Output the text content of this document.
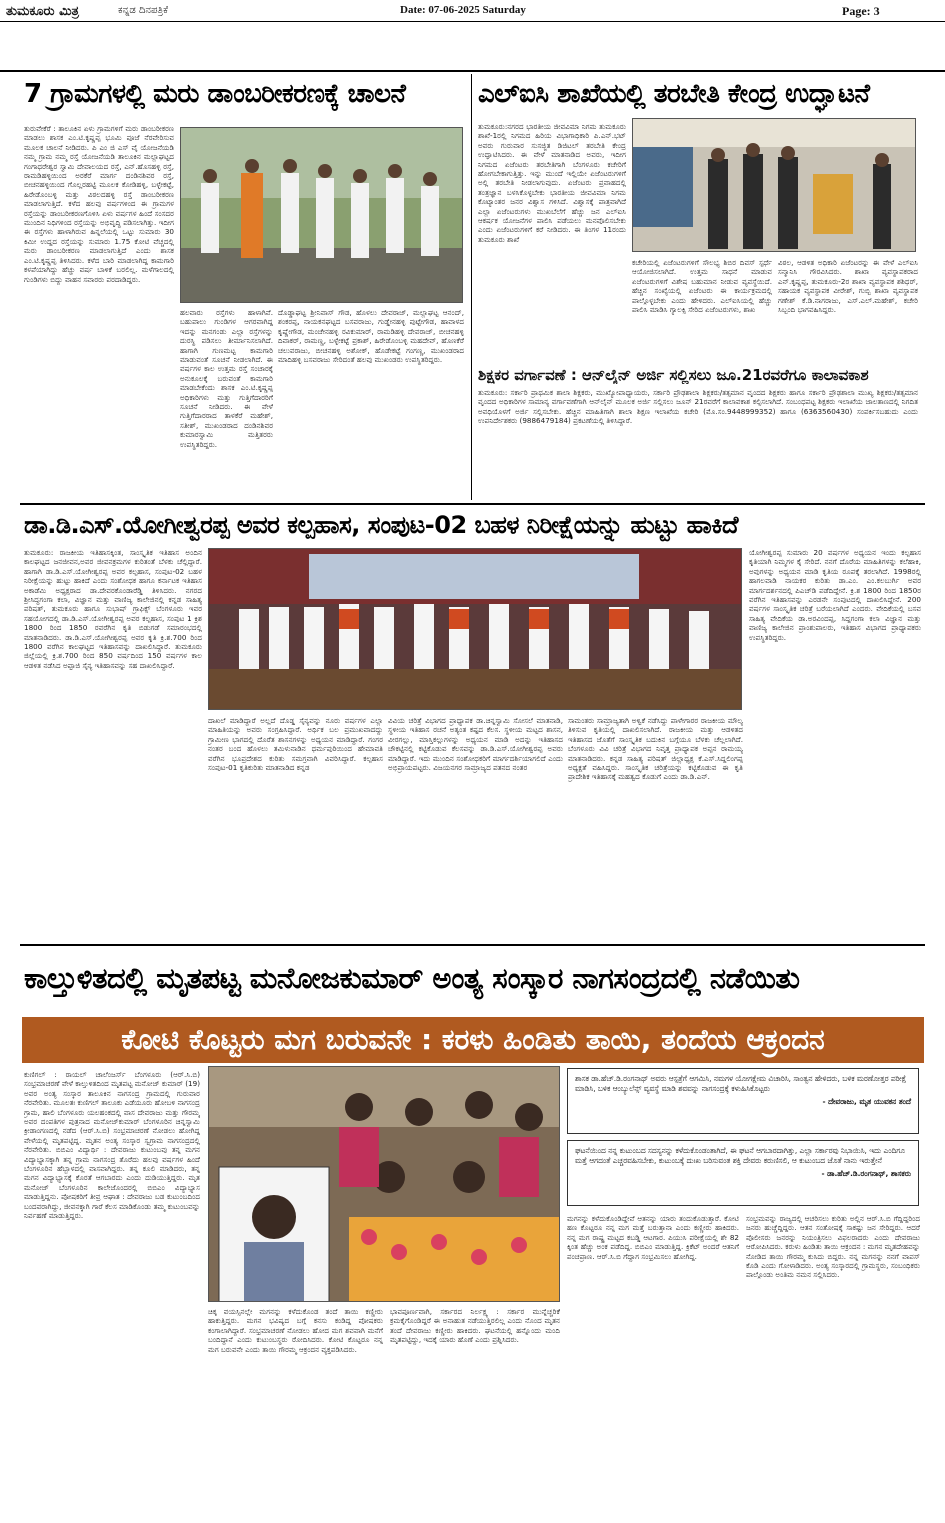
ತುಮಕೂರು ಮಿತ್ರ	ಕನ್ನಡ ದಿನಪತ್ರಿಕೆ	Date: 07-06-2025 Saturday	Page: 3
7 ಗ್ರಾಮಗಳಲ್ಲಿ ಮರು ಡಾಂಬರೀಕರಣಕ್ಕೆ ಚಾಲನೆ
ತುರುವೇಕೆರೆ : ತಾಲೂಕಿನ ಏಳು ಗ್ರಾಮಗಳಿಗೆ ಮರು ಡಾಂಬರೀಕರಣ ಮಾಡಲು ಶಾಸಕ ಎಂ.ಟಿ.ಕೃಷ್ಣಪ್ಪ ಭೂಮಿ ಪೂಜೆ ನೆರವೇರಿಸುವ ಮೂಲಕ ಚಾಲನೆ ನೀಡಿದರು. ಪಿ ಎಂ ಜಿ ಎಸ್ ವೈ ಯೋಜನೆಯಡಿ ನಮ್ಮ ಗ್ರಾಮ ನಮ್ಮ ರಸ್ತೆ ಯೋಜನೆಯಡಿ ತಾಲೂಕಿನ ಮಲ್ಲಾಘಟ್ಟದ ಗಂಗಾಧರೇಶ್ವರ ಸ್ವಾಮಿ ದೇವಾಲಯದ ರಸ್ತೆ, ಎನ್.ಹೊಸಹಳ್ಳಿ ರಸ್ತೆ, ರಾಮಡಿಹಳ್ಳಿಯಿಂದ ಅರಕೆರೆ ಮಾರ್ಗ ದಂಡಿನಶಿವರ ರಸ್ತೆ, ಬೀಚನಹಳ್ಳಿಯಿಂದ ಗೊಲ್ಲರಹಟ್ಟಿ ಮೂಲಕ ಕೋಡಿಹಳ್ಳಿ, ಬಳ್ಳೇಕಟ್ಟೆ, ಹಿರೇಡೊಂಬಳ್ಳಿ ಮತ್ತು ವಿಠಲದಹಳ್ಳಿ ರಸ್ತೆ ಡಾಂಬರೀಕರಣ ಮಾಡಲಾಗುತ್ತಿದೆ. ಕಳೆದ ಹಲವು ವರ್ಷಗಳಿಂದ ಈ ಗ್ರಾಮಗಳ ರಸ್ತೆಯನ್ನು ಡಾಂಬರೀಕರಣಗೊಳಿಸಿ ಏಳು ವರ್ಷಗಳ ಹಿಂದೆ ಸಂಸದರ ಮುಂದಿನ ನಿಧಿಗಳಿಂದ ರಸ್ತೆಯನ್ನು ಅಭಿವೃದ್ಧಿ ಪಡಿಸಲಾಗಿತ್ತು. ಇದೀಗ ಈ ರಸ್ತೆಗಳು ಹಾಳಾಗಿರುವ ಹಿನ್ನಲೆಯಲ್ಲಿ ಒಟ್ಟು ಸುಮಾರು 30 ಕಿಮೀ ಉದ್ದದ ರಸ್ತೆಯನ್ನು ಸುಮಾರು 1.75 ಕೋಟಿ ವೆಚ್ಚದಲ್ಲಿ ಮರು ಡಾಂಬರೀಕರಣ ಮಾಡಲಾಗುತ್ತಿದೆ ಎಂದು ಶಾಸಕ ಎಂ.ಟಿ.ಕೃಷ್ಣಪ್ಪ ತಿಳಿಸಿದರು. ಕಳೆದ ಬಾರಿ ಮಾಡಲಾಗಿದ್ದ ಕಾಮಗಾರಿ ಕಳಪೆಯಾಗಿದ್ದು ಹೆಚ್ಚು ವರ್ಷ ಬಾಳಿಕೆ ಬರಲಿಲ್ಲ. ಮಳೆಗಾಲದಲ್ಲಿ ಗುಂಡಿಗಳು ಬಿದ್ದು ವಾಹನ ಸವಾರರು ಪರದಾಡಿದ್ದರು.
ಹಲವಾರು ರಸ್ತೆಗಳು ಹಾಳಾಗಿವೆ. ಬಹುಪಾಲು ಗುಂಡಿಗಳ ಆಗರವಾಗಿದ್ದ ಇದನ್ನು ಮನಗಂಡು ಎಲ್ಲಾ ರಸ್ತೆಗಳನ್ನು ದುರಸ್ಥಿ ಪಡಿಸಲು ತೀರ್ಮಾನಿಸಲಾಗಿದೆ. ಹಾಗಾಗಿ ಗುಣಮಟ್ಟ ಕಾಮಗಾರಿ ಮಾಡುವಂತೆ ಸೂಚನೆ ನೀಡಲಾಗಿದೆ. ಈ ವರ್ಷಗಳ ಕಾಲ ಉತ್ತಮ ರಸ್ತೆ ಸಂಚಾರಕ್ಕೆ ಅನುಕೂಲಕ್ಕೆ ಬರುವಂತೆ ಕಾಮಗಾರಿ ಮಾಡಬೇಕೆಂದು ಶಾಸಕ ಎಂ.ಟಿ.ಕೃಷ್ಣಪ್ಪ ಅಧಿಕಾರಿಗಳು ಮತ್ತು ಗುತ್ತಿಗೆದಾರರಿಗೆ ಸೂಚನೆ ನೀಡಿದರು. ಈ ವೇಳೆ ಗುತ್ತಿಗೆದಾರರಾದ ತಾಳಕೆರೆ ಮಹೇಶ್, ಸತೀಶ್, ಮುಖಂಡರಾದ ದಂಡಿನಶಿವರ ಕುಮಾರಸ್ವಾಮಿ ಮತ್ತಿತರರು ಉಪಸ್ಥಿತರಿದ್ದರು.
ದೊಡ್ಡಾಘಟ್ಟ ಶ್ರೀನಿವಾಸ್ ಗೌಡ, ಹೊಳಲು ದೇವರಾಜ್, ಮಲ್ಲಾಘಟ್ಟ ಆನಂದ್, ಶಂಕರಪ್ಪ, ನಾಯಕನಘಟ್ಟದ ಬಸವರಾಜು, ಗುಡ್ಡೇನಹಳ್ಳಿ ಪುಟ್ಟೇಗೌಡ, ಹಾವಾಳದ ಕೃಷ್ಣೇಗೌಡ, ಮಂಚೇನಹಳ್ಳಿ ರವಿಕುಮಾರ್, ರಾಮಡಿಹಳ್ಳಿ ದೇವರಾಜ್, ಬೀಚನಹಳ್ಳಿ ದಿವಾಕರ್, ರಾಮಣ್ಣ, ಬಳ್ಳೇಕಟ್ಟೆ ಪ್ರಕಾಶ್, ಹಿರೇಡೊಂಬಳ್ಳಿ ಮಹದೇವ್, ಹೊಣಕೆರೆ ಚಲುವರಾಜು, ಬೀಚನಹಳ್ಳಿ ಅಶೋಕ್, ಹೊಡೇಕಟ್ಟೆ ಗಂಗಣ್ಣ, ಮುಖಂಡರಾದ ಮಾದಿಹಳ್ಳಿ ಬಸವರಾಜು ಸೇರಿದಂತೆ ಹಲವು ಮುಖಂಡರು ಉಪಸ್ಥಿತರಿದ್ದರು.
ಎಲ್‌ಐಸಿ ಶಾಖೆಯಲ್ಲಿ ತರಬೇತಿ ಕೇಂದ್ರ ಉದ್ಘಾಟನೆ
ತುಮಕೂರು:ನಗರದ ಭಾರತೀಯ ಜೀವವಿಮಾ ನಿಗಮ ತುಮಕೂರು ಶಾಖೆ-1ರಲ್ಲಿ ನಿಗಮದ ಹಿರಿಯ ವಿಭಾಗಾಧಿಕಾರಿ ಪಿ.ಎನ್.ಭಟ್ ಅವರು ಗುರುವಾರ ಸುಸಜ್ಜಿತ ಡಿಜಿಟಲ್ ತರಬೇತಿ ಕೇಂದ್ರ ಉದ್ಘಾಟಿಸಿದರು. ಈ ವೇಳೆ ಮಾತನಾಡಿದ ಅವರು, ಇದೀಗ ನಿಗಮದ ಏಜೆಂಟರು ತರಬೇತಿಗಾಗಿ ಬೆಂಗಳೂರು ಕಚೇರಿಗೆ ಹೋಗಬೇಕಾಗುತ್ತಿತ್ತು. ಇನ್ನು ಮುಂದೆ ಇಲ್ಲಿಯೇ ಏಜೆಂಟರುಗಳಿಗೆ ಅಲ್ಲಿ ತರಬೇತಿ ನೀಡಲಾಗುವುದು. ಏಜೆಂಟರು ಪ್ರವಾಹದಲ್ಲಿ ತಂತ್ರಜ್ಞಾನ ಬಳಸಿಕೊಳ್ಳಬೇಕು ಭಾರತೀಯ ಜೀವವಿಮಾ ನಿಗಮ ಕೊಟ್ಯಾಂತರ ಜನರ ವಿಶ್ವಾಸ ಗಳಿಸಿದೆ. ವಿಶ್ವಾಸಕ್ಕೆ ಪಾತ್ರವಾಗಿದೆ ಎಲ್ಲಾ ಏಜೆಂಟರುಗಳು ಮುಖಬೆಲೆಗೆ ಹೆಚ್ಚು ಜನ ಎಲ್‌ಐಸಿ ಆಕರ್ಷಕ ಯೋಜನೆಗಳ ಪಾಲಿಸಿ ಪಡೆಯಲು ಮನವೊಲಿಸಬೇಕು ಎಂದು ಏಜೆಂಟರುಗಳಿಗೆ ಕರೆ ನೀಡಿದರು. ಈ ತಿಂಗಳ 11ರಂದು ತುಮಕೂರು ಶಾಖೆ
ಕಚೇರಿಯಲ್ಲಿ ಏಜೆಂಟರುಗಳಿಗೆ ಸೌಲಭ್ಯ ಶಿಬಿರ ದಿವಸ್ ಸ್ಪರ್ಧೆ ಆಯೋಜಿಸಲಾಗಿದೆ. ಉತ್ತಮ ಸಾಧನೆ ಮಾಡುವ ಏಜೆಂಟರುಗಳಿಗೆ ವಿಶೇಷ ಬಹುಮಾನ ನೀಡುವ ವ್ಯವಸ್ಥೆಯಿದೆ. ಹೆಚ್ಚಿನ ಸಂಖ್ಯೆಯಲ್ಲಿ ಏಜೆಂಟರು ಈ ಕಾರ್ಯಕ್ರಮದಲ್ಲಿ ಪಾಲ್ಗೊಳ್ಳಬೇಕು ಎಂದು ಹೇಳಿದರು. ಎಲ್‌ಐಸಿಯಲ್ಲಿ ಹೆಚ್ಚು ಪಾಲಿಸಿ ಮಾಡಿಸಿ ಗ್ಯಾಲಕ್ಸಿ ಸೇರಿದ ಏಜೆಂಟರುಗಳು, ಶಾಖ
ವಿಠಲ, ಆಡಳಿತ ಅಧಿಕಾರಿ ಏಜೆಂಟರನ್ನು ಈ ವೇಳೆ ಎಲ್‌ಐಸಿ ಸನ್ಮಾನಿಸಿ ಗೌರವಿಸಿದರು. ಶಾಖಾ ವ್ಯವಸ್ಥಾಪಕರಾದ ಎನ್.ಕೃಷ್ಣಪ್ಪ, ತುಮಕೂರು-2ರ ಶಾಖಾ ವ್ಯವಸ್ಥಾಪಕ ಶಶಿಧರ್, ಸಹಾಯಕ ವ್ಯವಸ್ಥಾಪಕ ವೀರೇಶ್, ಗುಬ್ಬಿ ಶಾಖಾ ವ್ಯವಸ್ಥಾಪಕ ಗಣೇಶ್ ಕೆ.ಡಿ.ನಾಗರಾಜು, ಎಸ್.ಎಲ್.ಮಹೇಶ್, ಕಚೇರಿ ಸಿಬ್ಬಂದಿ ಭಾಗವಹಿಸಿದ್ದರು.
ಶಿಕ್ಷಕರ ವರ್ಗಾವಣೆ : ಆನ್‌ಲೈನ್ ಅರ್ಜಿ ಸಲ್ಲಿಸಲು ಜೂ.21ರವರೆಗೂ ಕಾಲಾವಕಾಶ
ತುಮಕೂರು: ಸರ್ಕಾರಿ ಪ್ರಾಥಮಿಕ ಶಾಲಾ ಶಿಕ್ಷಕರು, ಮುಖ್ಯೋಪಾಧ್ಯಾಯರು, ಸರ್ಕಾರಿ ಪ್ರೌಢಶಾಲಾ ಶಿಕ್ಷಕರು/ತತ್ಸಮಾನ ವೃಂದದ ಶಿಕ್ಷಕರು ಹಾಗೂ ಸರ್ಕಾರಿ ಪ್ರೌಢಶಾಲಾ ಮುಖ್ಯ ಶಿಕ್ಷಕರು/ತತ್ಸಮಾನ ವೃಂದದ ಅಧಿಕಾರಿಗಳ ಸಾಮಾನ್ಯ ವರ್ಗಾವಣೆಗಾಗಿ ಆನ್‌ಲೈನ್ ಮೂಲಕ ಅರ್ಜಿ ಸಲ್ಲಿಸಲು ಜೂನ್ 21ರವರೆಗೆ ಕಾಲಾವಕಾಶ ಕಲ್ಪಿಸಲಾಗಿದೆ. ಸಂಬಂಧಪಟ್ಟ ಶಿಕ್ಷಕರು ಇಲಾಖೆಯ ಜಾಲತಾಣದಲ್ಲಿ ನಿಗದಿತ ಅವಧಿಯೊಳಗೆ ಅರ್ಜಿ ಸಲ್ಲಿಸಬೇಕು. ಹೆಚ್ಚಿನ ಮಾಹಿತಿಗಾಗಿ ಶಾಲಾ ಶಿಕ್ಷಣ ಇಲಾಖೆಯ ಕಚೇರಿ (ಮೊ.ಸಂ.9448999352) ಹಾಗೂ (6363560430) ಸಂಪರ್ಕಿಸಬಹುದು ಎಂದು ಉಪನಿರ್ದೇಶಕರು (9886479184) ಪ್ರಕಟಣೆಯಲ್ಲಿ ತಿಳಿಸಿದ್ದಾರೆ.
ಡಾ.ಡಿ.ಎಸ್.ಯೋಗೀಶ್ವರಪ್ಪ ಅವರ ಕಲ್ಪಹಾಸ, ಸಂಪುಟ-02 ಬಹಳ ನಿರೀಕ್ಷೆಯನ್ನು ಹುಟ್ಟು ಹಾಕಿದೆ
ತುಮಕೂರು: ರಾಜಕೀಯ ಇತಿಹಾಸಕ್ಕಿಂತ, ಸಾಂಸ್ಕೃತಿಕ ಇತಿಹಾಸ ಅಂದಿನ ಕಾಲಘಟ್ಟದ ಜನಜೀವನ,ಅವರ ಜೀವನಕ್ರಮಗಳ ಕುರಿತಂತೆ ಬೆಳಕು ಚೆಲ್ಲಿದ್ದಾರೆ. ಹಾಗಾಗಿ ಡಾ.ಡಿ.ಎಸ್.ಯೋಗೀಶ್ವರಪ್ಪ ಅವರ ಕಲ್ಪಹಾಸ, ಸಂಪುಟ-02 ಬಹಳ ನಿರೀಕ್ಷೆಯನ್ನು ಹುಟ್ಟು ಹಾಕಿದೆ ಎಂದು ಸಂಶೋಧಕ ಹಾಗೂ ಕರ್ನಾಟಕ ಇತಿಹಾಸ ಅಕಾಡೆಮಿ ಅಧ್ಯಕ್ಷರಾದ ಡಾ.ದೇವರಕೊಂಡಾರೆಡ್ಡಿ ತಿಳಿಸಿದರು. ನಗರದ ಶ್ರೀಸಿದ್ಧಗಂಗಾ ಕಲಾ, ವಿಜ್ಞಾನ ಮತ್ತು ವಾಣಿಜ್ಯ ಕಾಲೇಜಿನಲ್ಲಿ ಕನ್ನಡ ಸಾಹಿತ್ಯ ಪರಿಷತ್, ತುಮಕೂರು ಹಾಗೂ ಸುಭಾಷ್ ಗ್ರಾಫಿಕ್ಸ್ ಬೆಂಗಳೂರು ಇವರ ಸಹಯೋಗದಲ್ಲಿ ಡಾ.ಡಿ.ಎಸ್.ಯೋಗೀಶ್ವರಪ್ಪ ಅವರ ಕಲ್ಪಹಾಸ, ಸಂಪುಟ 1 ಕ್ರಿಶ 1800 ರಿಂದ 1850 ರವರೆಗಿನ ಕೃತಿ ಬಿಡುಗಡೆ ಸಮಾರಂಭದಲ್ಲಿ ಮಾತನಾಡಿದರು. ಡಾ.ಡಿ.ಎಸ್.ಯೋಗೀಶ್ವರಪ್ಪ ಅವರ ಕೃತಿ ಕ್ರಿ.ಶ.700 ರಿಂದ 1800 ವರೆಗಿನ ಕಾಲಘಟ್ಟದ ಇತಿಹಾಸವನ್ನು ದಾಖಲಿಸಿದ್ದಾರೆ. ತುಮಕೂರು ಜಿಲ್ಲೆಯಲ್ಲಿ ಕ್ರಿ.ಶ.700 ರಿಂದ 850 ವರ್ಷದಿಂದ 150 ವರ್ಷಗಳ ಕಾಲ ಆಡಳಿತ ನಡೆಸಿದ ಅಪ್ಪಾಜಿ ಸೈನ್ಯ ಇತಿಹಾಸವನ್ನು ಸಹ ದಾಖಲಿಸಿದ್ದಾರೆ.
ದಾಖಲೆ ಮಾಡಿದ್ದಾರೆ ಅಲ್ಲದೆ ದೊಡ್ಡ ಸೈನ್ಯವನ್ನು ನೂರು ವರ್ಷಗಳ ಎಲ್ಲಾ ಮಾಹಿತಿಯನ್ನು ಅವರು ಸಂಗ್ರಹಿಸಿದ್ದಾರೆ. ಅರ್ಥಿಕ ಬಲ ಪ್ರಮುಖವಾದದ್ದು ಗ್ರಾಮೀಣ ಭಾಗದಲ್ಲಿ ದೊರೆತ ಶಾಸನಗಳನ್ನು ಅಧ್ಯಯನ ಮಾಡಿದ್ದಾರೆ. ಗಂಗರ ನಂತರ ಬಂದ ಹೊಳಲು ತಮಿಳುನಾಡಿನ ಧರ್ಮಪುರಿಯಿಂದ ಹೇಮಾವತಿ ವರೆಗಿನ ಭೂಪ್ರದೇಶದ ಕುರಿತು ಸಮಗ್ರವಾಗಿ ವಿವರಿಸಿದ್ದಾರೆ. ಕಲ್ಪಹಾಸ ಸಂಪುಟ-01 ಕೃತಿಕುರಿತು ಮಾತನಾಡಿದ ಕನ್ನಡ
ವಿವಿಯ ಚರಿತ್ರೆ ವಿಭಾಗದ ಪ್ರಾಧ್ಯಾಪಕ ಡಾ.ಚಿನ್ನಸ್ವಾಮಿ ಸೋಸಲೆ ಮಾತನಾಡಿ, ಸ್ಥಳೀಯ ಇತಿಹಾಸ ರಚನೆ ಅತ್ಯಂತ ಕಷ್ಟದ ಕೆಲಸ. ಸ್ಥಳೀಯ ಮಟ್ಟದ ಶಾಸನ, ವೀರಗಲ್ಲು, ಮಾಸ್ತಿಕಲ್ಲುಗಳನ್ನು ಅಧ್ಯಯನ ಮಾಡಿ ಅದನ್ನು ಇತಿಹಾಸದ ಚೌಕಟ್ಟಿನಲ್ಲಿ ಕಟ್ಟಿಕೊಡುವ ಕೆಲಸವನ್ನು ಡಾ.ಡಿ.ಎಸ್.ಯೋಗೀಶ್ವರಪ್ಪ ಅವರು ಮಾಡಿದ್ದಾರೆ. ಇದು ಮುಂದಿನ ಸಂಶೋಧಕರಿಗೆ ಮಾರ್ಗದರ್ಶಿಯಾಗಲಿದೆ ಎಂದು ಅಭಿಪ್ರಾಯಪಟ್ಟರು. ವಿಜಯನಗರ ಸಾಮ್ರಾಜ್ಯದ ಪತನದ ನಂತರ
ಸಾಮಂತರು ಸಾಮ್ರಾಜ್ಯತಾಗಿ ಅಳ್ವಿಕೆ ನಡೆಸಿದ್ದು ಪಾಳೇಗಾರರ ರಾಜಕೀಯ ಮೌಲ್ಯ ತಿಳಿಸುವ ಕೃತಿಯಲ್ಲಿ ದಾಖಲಿಸಲಾಗಿದೆ. ರಾಜಕೀಯ ಮತ್ತು ಆಡಳಿತದ ಇತಿಹಾಸದ ಜೊತೆಗೆ ಸಾಂಸ್ಕೃತಿಕ ಬದುಕಿನ ಬಗ್ಗೆಯೂ ಬೆಳಕು ಚೆಲ್ಲಲಾಗಿದೆ. ಬೆಂಗಳೂರು ವಿವಿ ಚರಿತ್ರೆ ವಿಭಾಗದ ನಿವೃತ್ತ ಪ್ರಾಧ್ಯಾಪಕ ಅಪ್ಪನ ರಾಮಯ್ಯ ಮಾತನಾಡಿದರು. ಕನ್ನಡ ಸಾಹಿತ್ಯ ಪರಿಷತ್ ಜಿಲ್ಲಾಧ್ಯಕ್ಷ ಕೆ.ಎಸ್.ಸಿದ್ದಲಿಂಗಪ್ಪ ಅಧ್ಯಕ್ಷತೆ ವಹಿಸಿದ್ದರು. ಸಾಂಸ್ಕೃತಿಕ ಚರಿತ್ರೆಯನ್ನು ಕಟ್ಟಿಕೊಡುವ ಈ ಕೃತಿ ಪ್ರಾದೇಶಿಕ ಇತಿಹಾಸಕ್ಕೆ ಮಹತ್ವದ ಕೊಡುಗೆ ಎಂದು ಡಾ.ಡಿ.ಎನ್.
ಯೋಗೀಶ್ವರಪ್ಪ ಸುಮಾರು 20 ವರ್ಷಗಳ ಅಧ್ಯಯನ ಇಂದು ಕಲ್ಪಹಾಸ ಕೃತಿಯಾಗಿ ನಿಮ್ಮಗಳ ಕೈ ಸೇರಿದೆ. ನನಗೆ ದೊರೆಯ ಮಾಹಿತಿಗಳನ್ನು ಕಲೆಹಾಕಿ, ಅವುಗಳನ್ನು ಅಧ್ಯಯನ ಮಾಡಿ ಕೃತಿಯ ರೂಪಕ್ಕೆ ತರಲಾಗಿದೆ. 1998ರಲ್ಲಿ ಹಾಗಲವಾಡಿ ನಾಯಕರ ಕುರಿತು ಡಾ.ಎಂ. ಎಂ.ಕಲಬುರ್ಗಿ ಅವರ ಮಾರ್ಗದರ್ಶನದಲ್ಲಿ ಪಿಎಚ್‌ಡಿ ಪಡೆದಿದ್ದೇನೆ. ಕ್ರಿ.ಶ 1800 ರಿಂದ 1850ರ ವರೆಗಿನ ಇತಿಹಾಸವನ್ನು ಎರಡನೇ ಸಂಪುಟದಲ್ಲಿ ದಾಖಲಿಸಿದ್ದೇನೆ. 200 ವರ್ಷಗಳ ಸಾಂಸ್ಕೃತಿಕ ಚರಿತ್ರೆ ಬರೆಯಲಾಗಿದೆ ಎಂದರು. ವೇದಿಕೆಯಲ್ಲಿ ಬಸವ ಸಾಹಿತ್ಯ ವೇದಿಕೆಯ ಡಾ.ಅರವಿಂದಪ್ಪ, ಸಿದ್ದಗಂಗಾ ಕಲಾ ವಿಜ್ಞಾನ ಮತ್ತು ವಾಣಿಜ್ಯ ಕಾಲೇಜಿನ ಪ್ರಾಂಶುಪಾಲರು, ಇತಿಹಾಸ ವಿಭಾಗದ ಪ್ರಾಧ್ಯಾಪಕರು ಉಪಸ್ಥಿತರಿದ್ದರು.
ಕಾಲ್ತುಳಿತದಲ್ಲಿ ಮೃತಪಟ್ಟ ಮನೋಜಕುಮಾರ್ ಅಂತ್ಯ ಸಂಸ್ಕಾರ ನಾಗಸಂದ್ರದಲ್ಲಿ ನಡೆಯಿತು
ಕೋಟಿ ಕೊಟ್ಟರು ಮಗ ಬರುವನೇ : ಕರಳು ಹಿಂಡಿತು ತಾಯಿ, ತಂದೆಯ ಆಕ್ರಂದನ
ಕುಣಿಗಲ್ : ರಾಯಲ್ ಚಾಲೆಂಜರ್ಸ್ ಬೆಂಗಳೂರು (ಆರ್.ಸಿ.ಬಿ) ಸಂಭ್ರಮಾಚರಣೆ ವೇಳೆ ಕಾಲ್ತುಳಿತದಿಂದ ಮೃತಪಟ್ಟ ಮನೋಜ್ ಕುಮಾರ್ (19) ಅವರ ಅಂತ್ಯ ಸಂಸ್ಕಾರ ತಾಲೂಕಿನ ನಾಗಸಂದ್ರ ಗ್ರಾಮದಲ್ಲಿ ಗುರುವಾರ ನೆರವೇರಿತು. ಮೂಲತಃ ಕುಣಿಗಲ್ ತಾಲೂಕು ಎಡೆಯೂರು ಹೋಬಳಿ ನಾಗಸಂದ್ರ ಗ್ರಾಮ, ಹಾಲಿ ಬೆಂಗಳೂರು ಯಲಹಂಕದಲ್ಲಿ ವಾಸ ದೇವರಾಜು ಮತ್ತು ಗೌರಮ್ಮ ಅವರ ದಂಪತಿಗಳ ಪುತ್ರನಾದ ಮನೋಜ್‌ಕುಮಾರ್ ಬೆಂಗಳೂರಿನ ಚಿನ್ನಸ್ವಾಮಿ ಕ್ರೀಡಾಂಗಣದಲ್ಲಿ ನಡೆದ (ಆರ್.ಸಿ.ಬಿ) ಸಂಭ್ರಮಾಚರಣೆ ನೋಡಲು ಹೋಗಿದ್ದ ವೇಳೆಯಲ್ಲಿ ಮೃತಪಟ್ಟಿದ್ದ. ಮೃತನ ಅಂತ್ಯ ಸಂಸ್ಕಾರ ಸ್ವಗ್ರಾಮ ನಾಗಸಂದ್ರದಲ್ಲಿ ನೆರವೇರಿತು. ಬಿಬಿಎಂ ವಿದ್ಯಾರ್ಥಿ : ದೇವರಾಜು ಕುಟುಂಬವು ತನ್ನ ಮಗನ ವಿದ್ಯಾಭ್ಯಾಸಕ್ಕಾಗಿ ತನ್ನ ಗ್ರಾಮ ನಾಗಸಂದ್ರ ತೊರೆದು ಹಲವು ವರ್ಷಗಳ ಹಿಂದೆ ಬೆಂಗಳೂರಿನ ಹೆಬ್ಬಾಳದಲ್ಲಿ ವಾಸವಾಗಿದ್ದರು. ತನ್ನ ಕೂಲಿ ಮಾಡಿದರು, ತನ್ನ ಮಗನ ವಿದ್ಯಾಭ್ಯಾಸಕ್ಕೆ ಕೊರತೆ ಆಗಬಾರದು ಎಂದು ದುಡಿಯುತ್ತಿದ್ದರು. ಮೃತ ಮನೋಜ್ ಬೆಂಗಳೂರಿನ ಕಾಲೇಜೊಂದರಲ್ಲಿ ಬಿಬಿಎಂ ವಿದ್ಯಾಭ್ಯಾಸ ಮಾಡುತ್ತಿದ್ದನು. ಪೋಷಕರಿಗೆ ತೀವ್ರ ಆಘಾತ : ದೇವರಾಜು ಬಡ ಕುಟುಂಬದಿಂದ ಬಂದವರಾಗಿದ್ದು, ಜೀವನಕ್ಕಾಗಿ ಗಾರೆ ಕೆಲಸ ಮಾಡಿಕೊಂಡು ತಮ್ಮ ಕುಟುಂಬವನ್ನು ನಿರ್ವಹಣೆ ಮಾಡುತ್ತಿದ್ದರು.
ಚಿಕ್ಕ ವಯಸ್ಸಿನಲ್ಲೇ ಮಗನನ್ನು ಕಳೆದುಕೊಂಡ ತಂದೆ ತಾಯಿ ಕಣ್ಣೀರು ಹಾಕುತ್ತಿದ್ದರು. ಮಗನ ಭವಿಷ್ಯದ ಬಗ್ಗೆ ಕನಸು ಕಂಡಿದ್ದ ಪೋಷಕರು ಕಂಗಾಲಾಗಿದ್ದಾರೆ. ಸಂಭ್ರಮಾಚರಣೆ ನೋಡಲು ಹೋದ ಮಗ ಶವವಾಗಿ ಮನೆಗೆ ಬಂದಿದ್ದಾನೆ ಎಂದು ಕುಟುಂಬಸ್ಥರು ರೋದಿಸಿದರು. ಕೋಟಿ ಕೊಟ್ಟರೂ ನನ್ನ ಮಗ ಬರುವನೇ ಎಂದು ತಾಯಿ ಗೌರಮ್ಮ ಆಕ್ರಂದನ ವ್ಯಕ್ತಪಡಿಸಿದರು.
ಭಾವಪೂರ್ಣವಾಗಿ, ಸರ್ಕಾರದ ನಿರ್ಲಕ್ಷ್ಯ : ಸರ್ಕಾರ ಮುನ್ನೆಚ್ಚರಿಕೆ ಕ್ರಮಕೈಗೊಂಡಿದ್ದರೆ ಈ ಅನಾಹುತ ನಡೆಯುತ್ತಿರಲಿಲ್ಲ ಎಂದು ನೊಂದ ಮೃತನ ತಂದೆ ದೇವರಾಜು ಕಣ್ಣೀರು ಹಾಕಿದರು. ಘಟನೆಯಲ್ಲಿ ಹನ್ನೊಂದು ಮಂದಿ ಮೃತಪಟ್ಟಿದ್ದು, ಇದಕ್ಕೆ ಯಾರು ಹೊಣೆ ಎಂದು ಪ್ರಶ್ನಿಸಿದರು.
ಶಾಸಕ ಡಾ.ಹೆಚ್.ಡಿ.ರಂಗನಾಥ್ ಅವರು ಆಸ್ಪತ್ರೆಗೆ ಆಗಮಿಸಿ, ನಮಗಳ ಯೋಗಕ್ಷೇಮ ವಿಚಾರಿಸಿ, ಸಾಂತ್ವನ ಹೇಳಿದರು, ಬಳಿಕ ಮರಣೋತ್ತರ ಪರೀಕ್ಷೆ ಮಾಡಿಸಿ, ಬಳಿಕ ಆಂಬ್ಯುಲೆನ್ಸ್ ವ್ಯವಸ್ಥೆ ಮಾಡಿ ಶವವನ್ನು ನಾಗಸಂದ್ರಕ್ಕೆ ಕಳುಹಿಸಿಕೊಟ್ಟರು
- ದೇವರಾಜು, ಮೃತ ಯುವಕನ ತಂದೆ
ಘಟನೆಯಿಂದ ನನ್ನ ಕುಟುಂಬದ ಸದಸ್ಯನನ್ನು ಕಳೆದುಕೊಂಡಂತಾಗಿದೆ, ಈ ಘಟನೆ ಆಗಬಾರದಾಗಿತ್ತು, ಎಲ್ಲಾ ಸರ್ಕಾರವು ನಿಭಾಯಿಸಿ, ಇದು ಎಂದಿಗೂ ಮತ್ತೆ ಆಗದಂತೆ ಎಚ್ಚರವಹಿಸಬೇಕು, ಕುಟುಂಬಕ್ಕೆ ದುಃಖ ಬರಿಸುವಂತ ಶಕ್ತಿ ದೇವರು ಕರುಣಿಸಲಿ, ಆ ಕುಟುಂಬದ ಜೊತೆ ನಾನು ಇರುತ್ತೇನೆ
- ಡಾ.ಹೆಚ್.ಡಿ.ರಂಗನಾಥ್, ಶಾಸಕರು
ಮಗನನ್ನು ಕಳೆದುಕೊಂಡಿದ್ದೇವೆ ಆತನನ್ನು ಯಾರು ತಂದುಕೊಡುತ್ತಾರೆ. ಕೋಟಿ ಹಣ ಕೊಟ್ಟರೂ ನನ್ನ ಮಗ ಮತ್ತೆ ಬರುತ್ತಾನಾ ಎಂದು ಕಣ್ಣೀರು ಹಾಕಿದರು. ನನ್ನ ಮಗ ರಾಷ್ಟ್ರ ಮಟ್ಟದ ಕಬಡ್ಡಿ ಆಟಗಾರ. ಪಿಯುಸಿ ಪರೀಕ್ಷೆಯಲ್ಲಿ ಶೇ 82 ಕ್ಕಿಂತ ಹೆಚ್ಚು ಅಂಕ ಪಡೆದಿದ್ದ. ಬಿಬಿಎಂ ಮಾಡುತ್ತಿದ್ದ. ಕ್ರಿಕೆಟ್ ಅಂದರೆ ಆತನಿಗೆ ಪಂಚಪ್ರಾಣ. ಆರ್.ಸಿ.ಬಿ ಗೆದ್ದಾಗ ಸಂಭ್ರಮಿಸಲು ಹೋಗಿದ್ದ.
ಸಂಭ್ರಮವನ್ನು ರಾಜ್ಯದಲ್ಲಿ ಆಚರಿಸಲು ಕುರಿತು ಅಲ್ಲಿನ ಆರ್.ಸಿ.ಬಿ ಗೆದ್ದಿದ್ದರಿಂದ ಜನರು ಹುಚ್ಚೆದ್ದಿದ್ದರು. ಆತನ ಸಂತೋಷಕ್ಕೆ ಸಾಕಷ್ಟು ಜನ ಸೇರಿದ್ದರು. ಆದರೆ ಪೊಲೀಸರು ಜನರನ್ನು ನಿಯಂತ್ರಿಸಲು ವಿಫಲರಾದರು ಎಂದು ದೇವರಾಜು ಆರೋಪಿಸಿದರು. ಕರುಳು ಹಿಂಡಿತು ತಾಯಿ ಆಕ್ರಂದನ : ಮಗನ ಮೃತದೇಹವನ್ನು ನೋಡಿದ ತಾಯಿ ಗೌರಮ್ಮ ಕುಸಿದು ಬಿದ್ದರು. ನನ್ನ ಮಗನನ್ನು ನನಗೆ ವಾಪಸ್ ಕೊಡಿ ಎಂದು ಗೋಳಾಡಿದರು. ಅಂತ್ಯ ಸಂಸ್ಕಾರದಲ್ಲಿ ಗ್ರಾಮಸ್ಥರು, ಸಂಬಂಧಿಕರು ಪಾಲ್ಗೊಂಡು ಅಂತಿಮ ನಮನ ಸಲ್ಲಿಸಿದರು.
